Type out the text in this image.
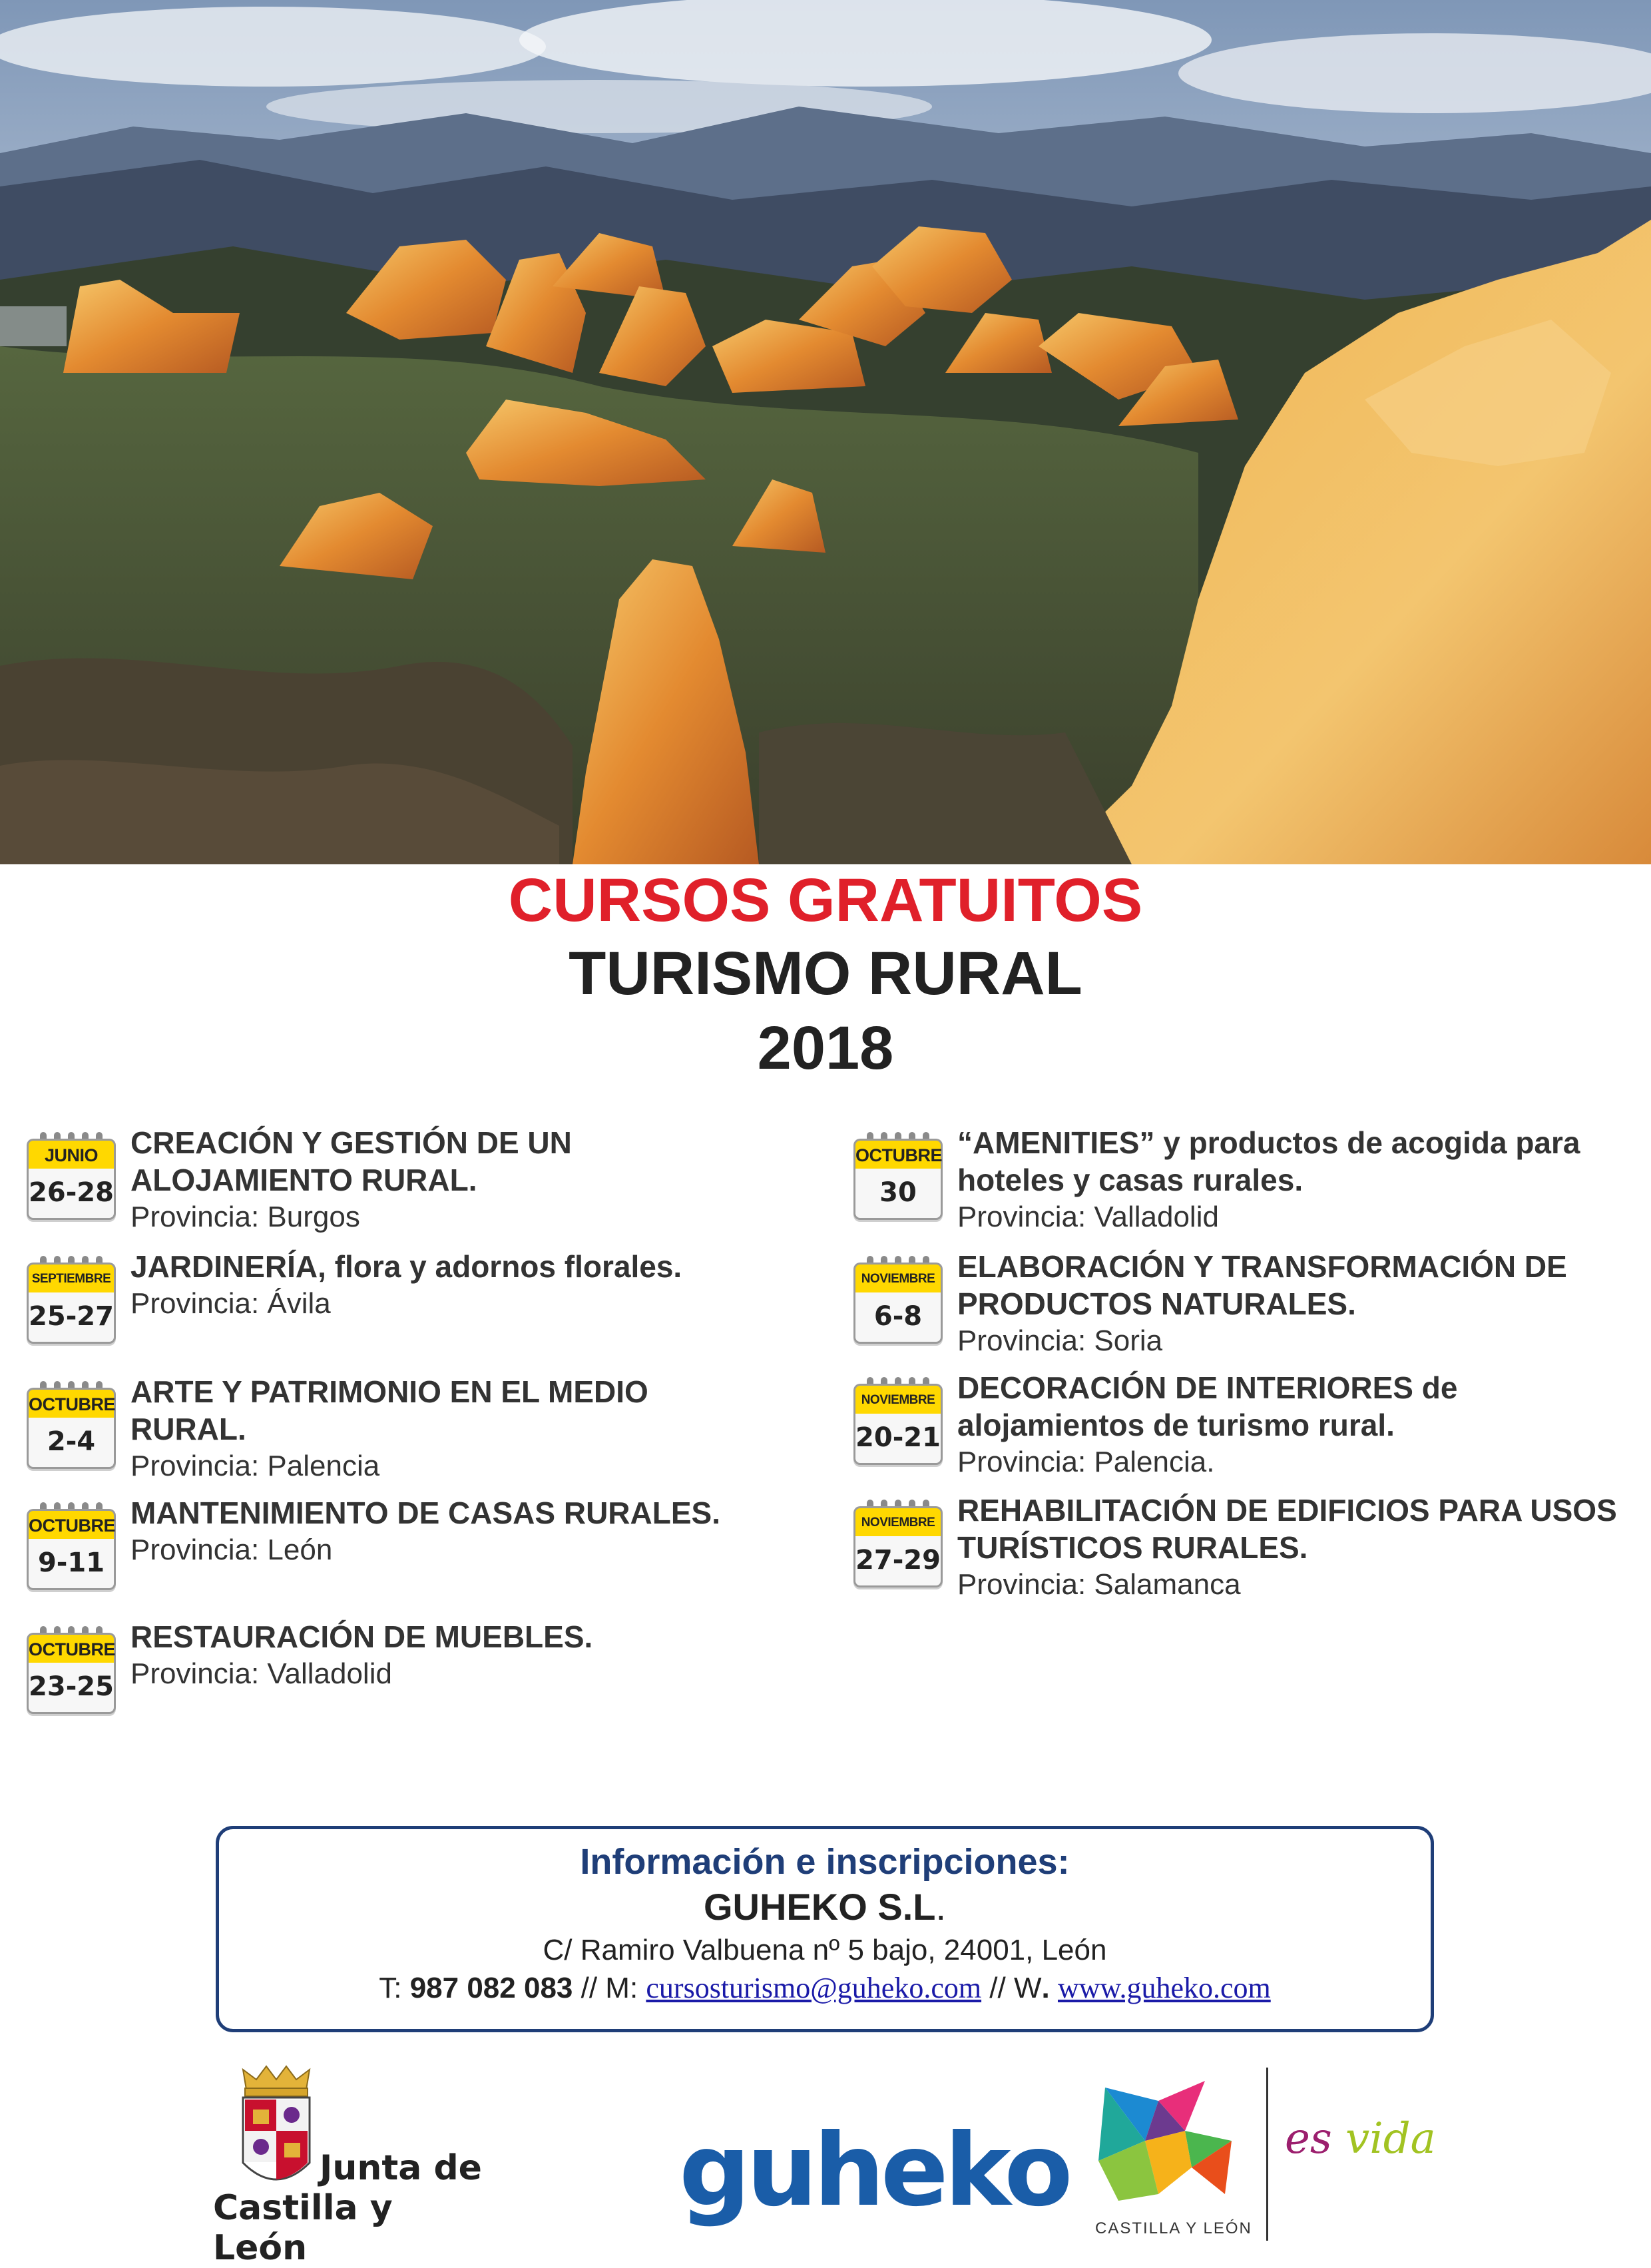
CURSOS GRATUITOS
TURISMO RURAL
2018
JUNIO
26-28
CREACIÓN Y GESTIÓN DE UN ALOJAMIENTO RURAL.
Provincia: Burgos
SEPTIEMBRE
25-27
JARDINERÍA, flora y adornos florales.
Provincia: Ávila
OCTUBRE
2-4
ARTE Y PATRIMONIO EN EL MEDIO RURAL.
Provincia: Palencia
OCTUBRE
9-11
MANTENIMIENTO DE CASAS RURALES.
Provincia: León
OCTUBRE
23-25
RESTAURACIÓN DE MUEBLES.
Provincia: Valladolid
OCTUBRE
30
“AMENITIES” y productos de acogida para hoteles y casas rurales.
Provincia: Valladolid
NOVIEMBRE
6-8
ELABORACIÓN Y TRANSFORMACIÓN DE PRODUCTOS NATURALES.
Provincia: Soria
NOVIEMBRE
20-21
DECORACIÓN DE INTERIORES de alojamientos de turismo rural.
Provincia: Palencia.
NOVIEMBRE
27-29
REHABILITACIÓN DE EDIFICIOS PARA USOS TURÍSTICOS RURALES.
Provincia: Salamanca
Información e inscripciones:
GUHEKO S.L.
C/ Ramiro Valbuena nº 5 bajo, 24001, León
T: 987 082 083 // M: cursosturismo@guheko.com // W. www.guheko.com
Junta de
Castilla y León
guheko CASTILLA Y LEÓN
es vida
